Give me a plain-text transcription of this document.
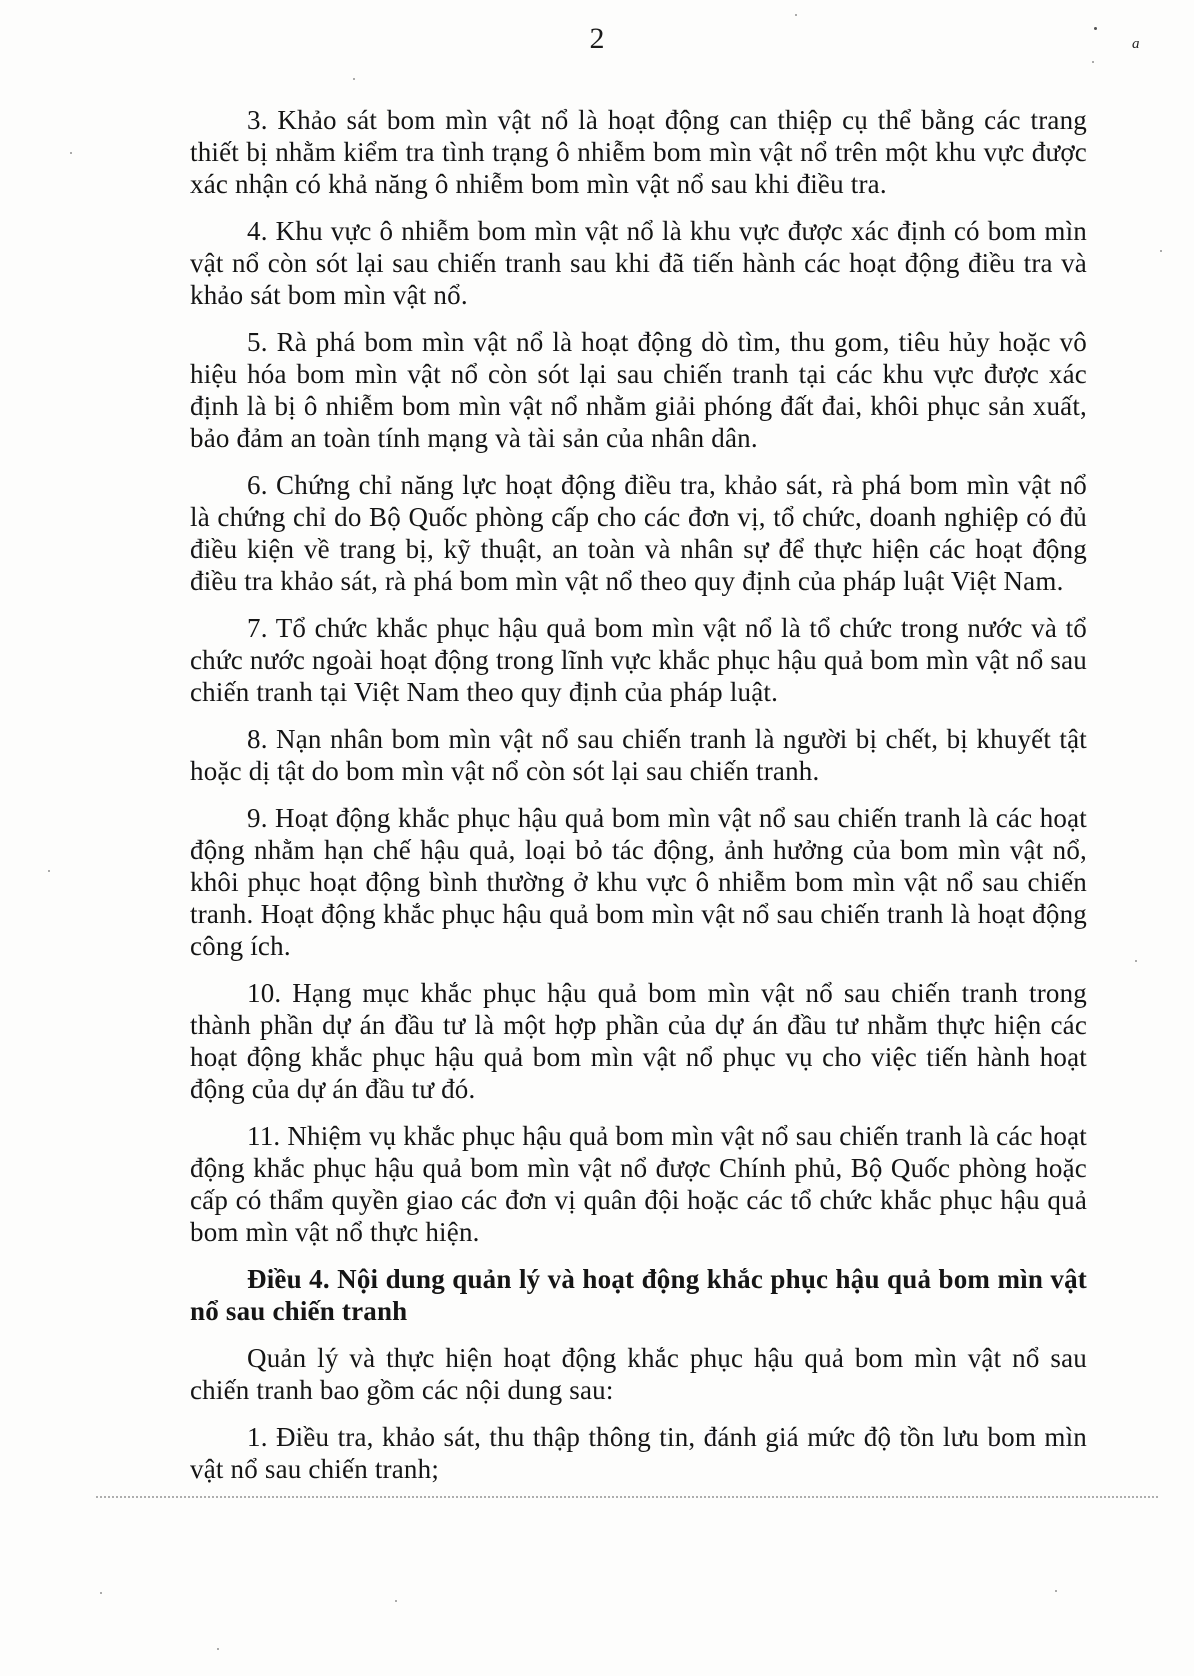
2

3. Khảo sát bom mìn vật nổ là hoạt động can thiệp cụ thể bằng các trang thiết bị nhằm kiểm tra tình trạng ô nhiễm bom mìn vật nổ trên một khu vực được xác nhận có khả năng ô nhiễm bom mìn vật nổ sau khi điều tra.

4. Khu vực ô nhiễm bom mìn vật nổ là khu vực được xác định có bom mìn vật nổ còn sót lại sau chiến tranh sau khi đã tiến hành các hoạt động điều tra và khảo sát bom mìn vật nổ.

5. Rà phá bom mìn vật nổ là hoạt động dò tìm, thu gom, tiêu hủy hoặc vô hiệu hóa bom mìn vật nổ còn sót lại sau chiến tranh tại các khu vực được xác định là bị ô nhiễm bom mìn vật nổ nhằm giải phóng đất đai, khôi phục sản xuất, bảo đảm an toàn tính mạng và tài sản của nhân dân.

6. Chứng chỉ năng lực hoạt động điều tra, khảo sát, rà phá bom mìn vật nổ là chứng chỉ do Bộ Quốc phòng cấp cho các đơn vị, tổ chức, doanh nghiệp có đủ điều kiện về trang bị, kỹ thuật, an toàn và nhân sự để thực hiện các hoạt động điều tra khảo sát, rà phá bom mìn vật nổ theo quy định của pháp luật Việt Nam.

7. Tổ chức khắc phục hậu quả bom mìn vật nổ là tổ chức trong nước và tổ chức nước ngoài hoạt động trong lĩnh vực khắc phục hậu quả bom mìn vật nổ sau chiến tranh tại Việt Nam theo quy định của pháp luật.

8. Nạn nhân bom mìn vật nổ sau chiến tranh là người bị chết, bị khuyết tật hoặc dị tật do bom mìn vật nổ còn sót lại sau chiến tranh.

9. Hoạt động khắc phục hậu quả bom mìn vật nổ sau chiến tranh là các hoạt động nhằm hạn chế hậu quả, loại bỏ tác động, ảnh hưởng của bom mìn vật nổ, khôi phục hoạt động bình thường ở khu vực ô nhiễm bom mìn vật nổ sau chiến tranh. Hoạt động khắc phục hậu quả bom mìn vật nổ sau chiến tranh là hoạt động công ích.

10. Hạng mục khắc phục hậu quả bom mìn vật nổ sau chiến tranh trong thành phần dự án đầu tư là một hợp phần của dự án đầu tư nhằm thực hiện các hoạt động khắc phục hậu quả bom mìn vật nổ phục vụ cho việc tiến hành hoạt động của dự án đầu tư đó.

11. Nhiệm vụ khắc phục hậu quả bom mìn vật nổ sau chiến tranh là các hoạt động khắc phục hậu quả bom mìn vật nổ được Chính phủ, Bộ Quốc phòng hoặc cấp có thẩm quyền giao các đơn vị quân đội hoặc các tổ chức khắc phục hậu quả bom mìn vật nổ thực hiện.

Điều 4. Nội dung quản lý và hoạt động khắc phục hậu quả bom mìn vật nổ sau chiến tranh

Quản lý và thực hiện hoạt động khắc phục hậu quả bom mìn vật nổ sau chiến tranh bao gồm các nội dung sau:

1. Điều tra, khảo sát, thu thập thông tin, đánh giá mức độ tồn lưu bom mìn vật nổ sau chiến tranh;

a
